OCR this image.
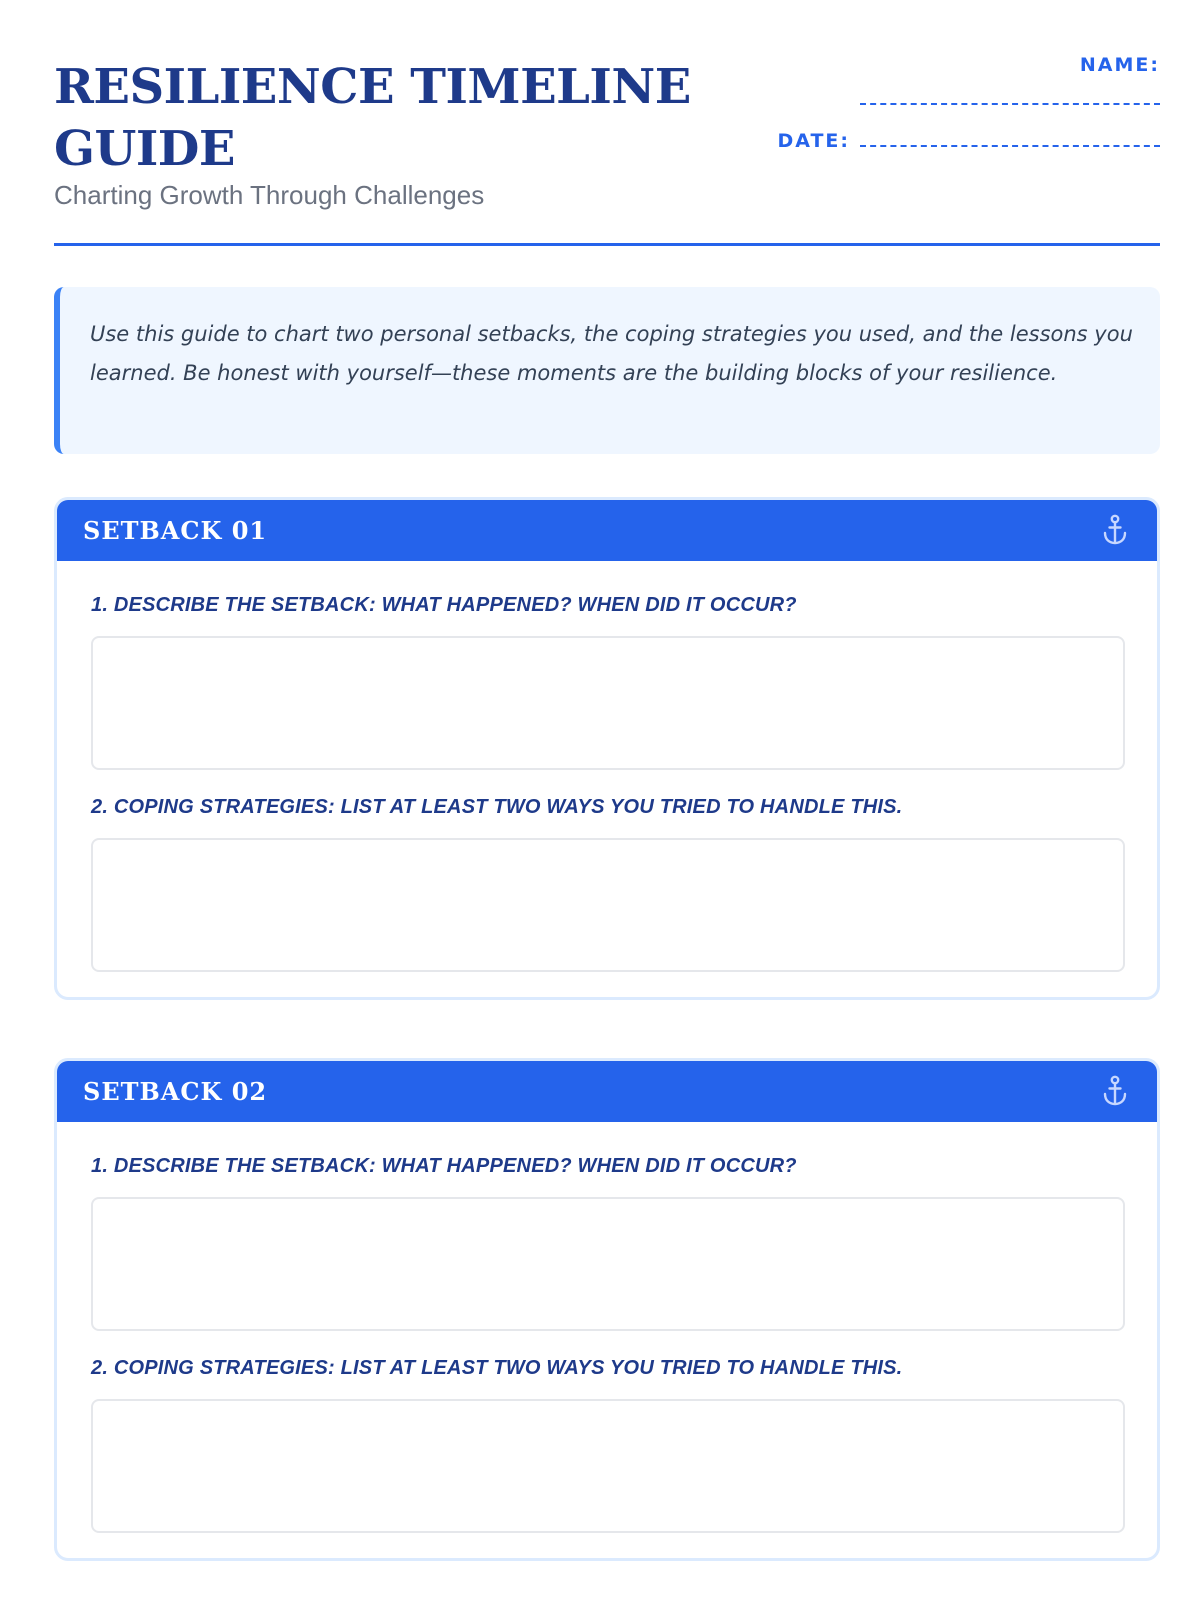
RESILIENCE TIMELINE
GUIDE
Charting Growth Through Challenges
NAME:
DATE:
Use this guide to chart two personal setbacks, the coping strategies you used, and the lessons you learned. Be honest with yourself—these moments are the building blocks of your resilience.
SETBACK 01
1. DESCRIBE THE SETBACK: WHAT HAPPENED? WHEN DID IT OCCUR?
2. COPING STRATEGIES: LIST AT LEAST TWO WAYS YOU TRIED TO HANDLE THIS.
SETBACK 02
1. DESCRIBE THE SETBACK: WHAT HAPPENED? WHEN DID IT OCCUR?
2. COPING STRATEGIES: LIST AT LEAST TWO WAYS YOU TRIED TO HANDLE THIS.
